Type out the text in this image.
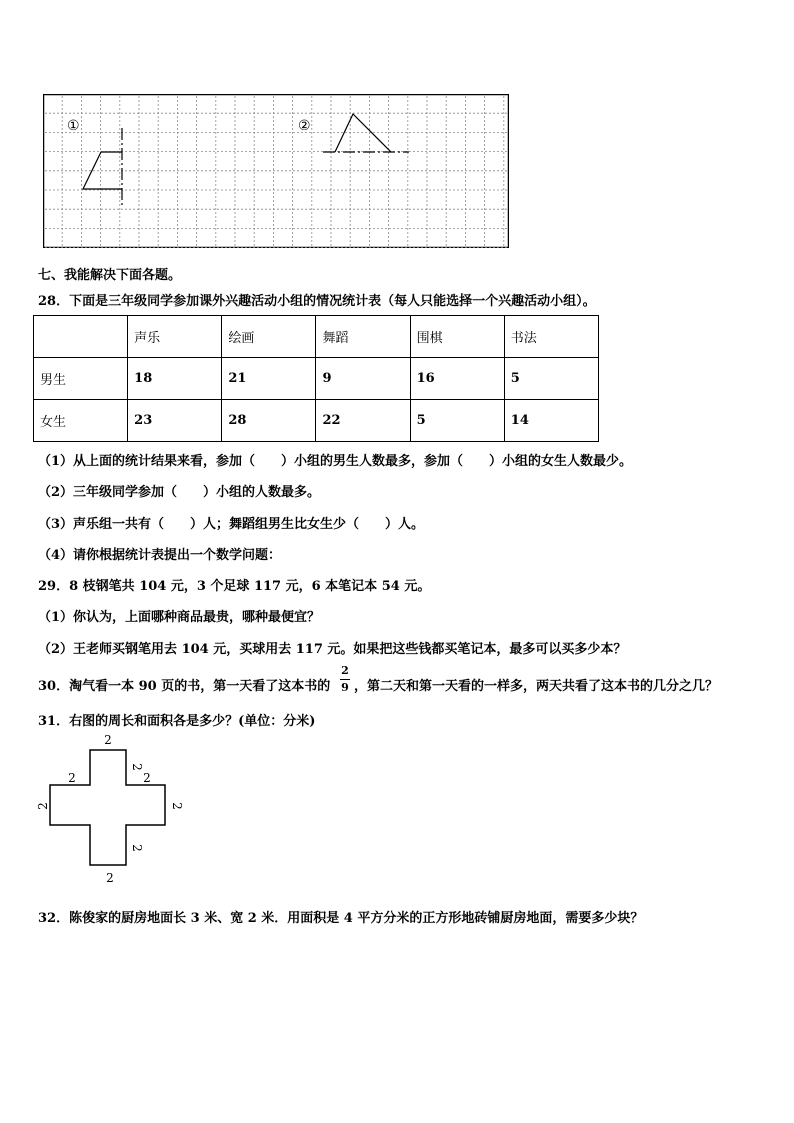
①	②
七、我能解决下面各题。
28．下面是三年级同学参加课外兴趣活动小组的情况统计表（每人只能选择一个兴趣活动小组）。
	声乐	绘画	舞蹈	围棋	书法
男生	18	21	9	16	5
女生	23	28	22	5	14
（1）从上面的统计结果来看，参加（　　）小组的男生人数最多，参加（　　）小组的女生人数最少。
（2）三年级同学参加（　　）小组的人数最多。
（3）声乐组一共有（　　）人；舞蹈组男生比女生少（　　）人。
（4）请你根据统计表提出一个数学问题：
29．8 枝钢笔共 104 元，3 个足球 117 元，6 本笔记本 54 元。
（1）你认为，上面哪种商品最贵，哪种最便宜？
（2）王老师买钢笔用去 104 元，买球用去 117 元。如果把这些钱都买笔记本，最多可以买多少本？
30．淘气看一本 90 页的书，第一天看了这本书的
2
9 ，第二天和第一天看的一样多，两天共看了这本书的几分之几？
31．右图的周长和面积各是多少？(单位：分米)
2
2
2	2
2	2
2
2
32．陈俊家的厨房地面长 3 米、宽 2 米．用面积是 4 平方分米的正方形地砖铺厨房地面，需要多少块？
